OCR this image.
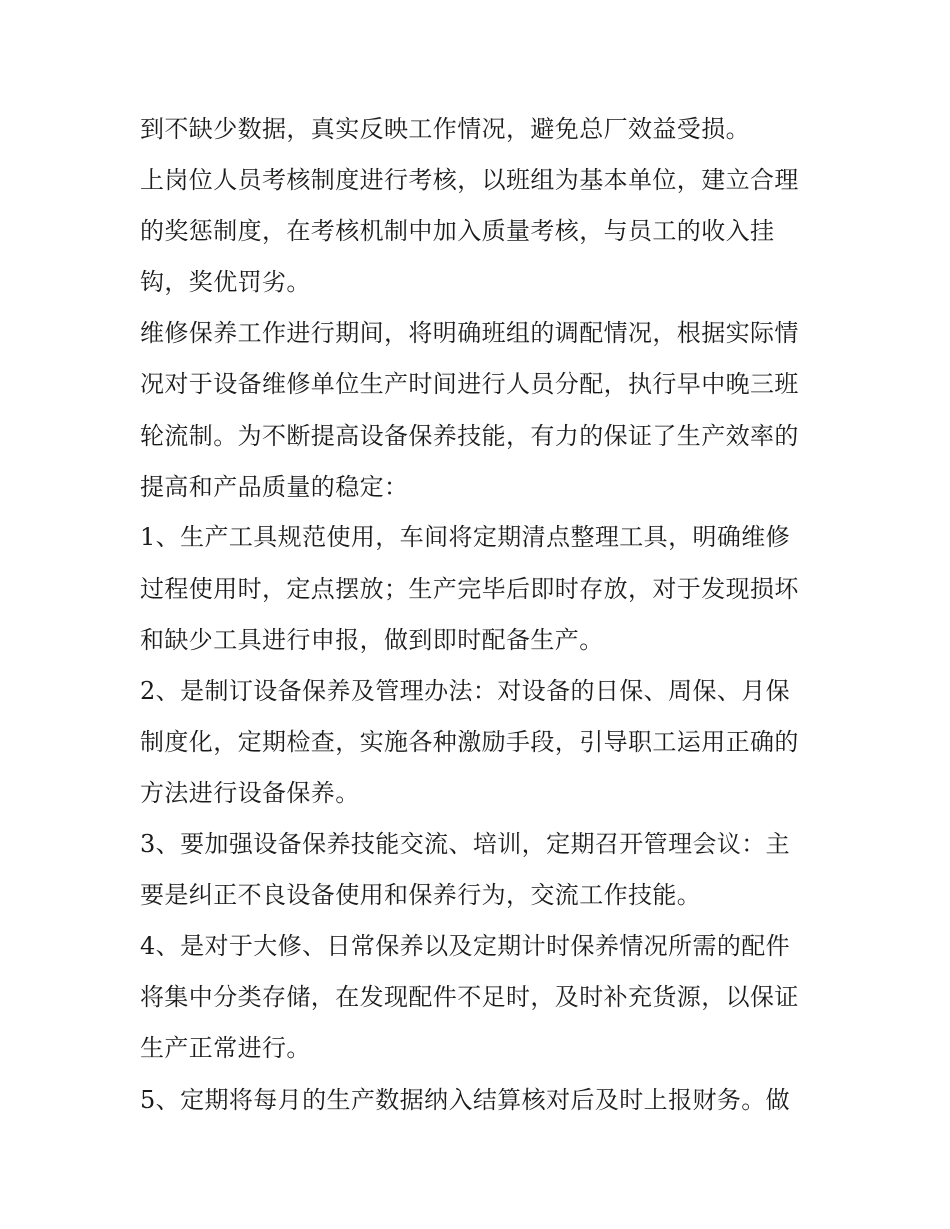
到不缺少数据，真实反映工作情况，避免总厂效益受损。
上岗位人员考核制度进行考核，以班组为基本单位，建立合理
的奖惩制度，在考核机制中加入质量考核，与员工的收入挂
钩，奖优罚劣。
维修保养工作进行期间，将明确班组的调配情况，根据实际情
况对于设备维修单位生产时间进行人员分配，执行早中晚三班
轮流制。为不断提高设备保养技能，有力的保证了生产效率的
提高和产品质量的稳定：
1、生产工具规范使用，车间将定期清点整理工具，明确维修
过程使用时，定点摆放；生产完毕后即时存放，对于发现损坏
和缺少工具进行申报，做到即时配备生产。
2、是制订设备保养及管理办法：对设备的日保、周保、月保
制度化，定期检查，实施各种激励手段，引导职工运用正确的
方法进行设备保养。
3、要加强设备保养技能交流、培训，定期召开管理会议：主
要是纠正不良设备使用和保养行为，交流工作技能。
4、是对于大修、日常保养以及定期计时保养情况所需的配件
将集中分类存储，在发现配件不足时，及时补充货源，以保证
生产正常进行。
5、定期将每月的生产数据纳入结算核对后及时上报财务。做
